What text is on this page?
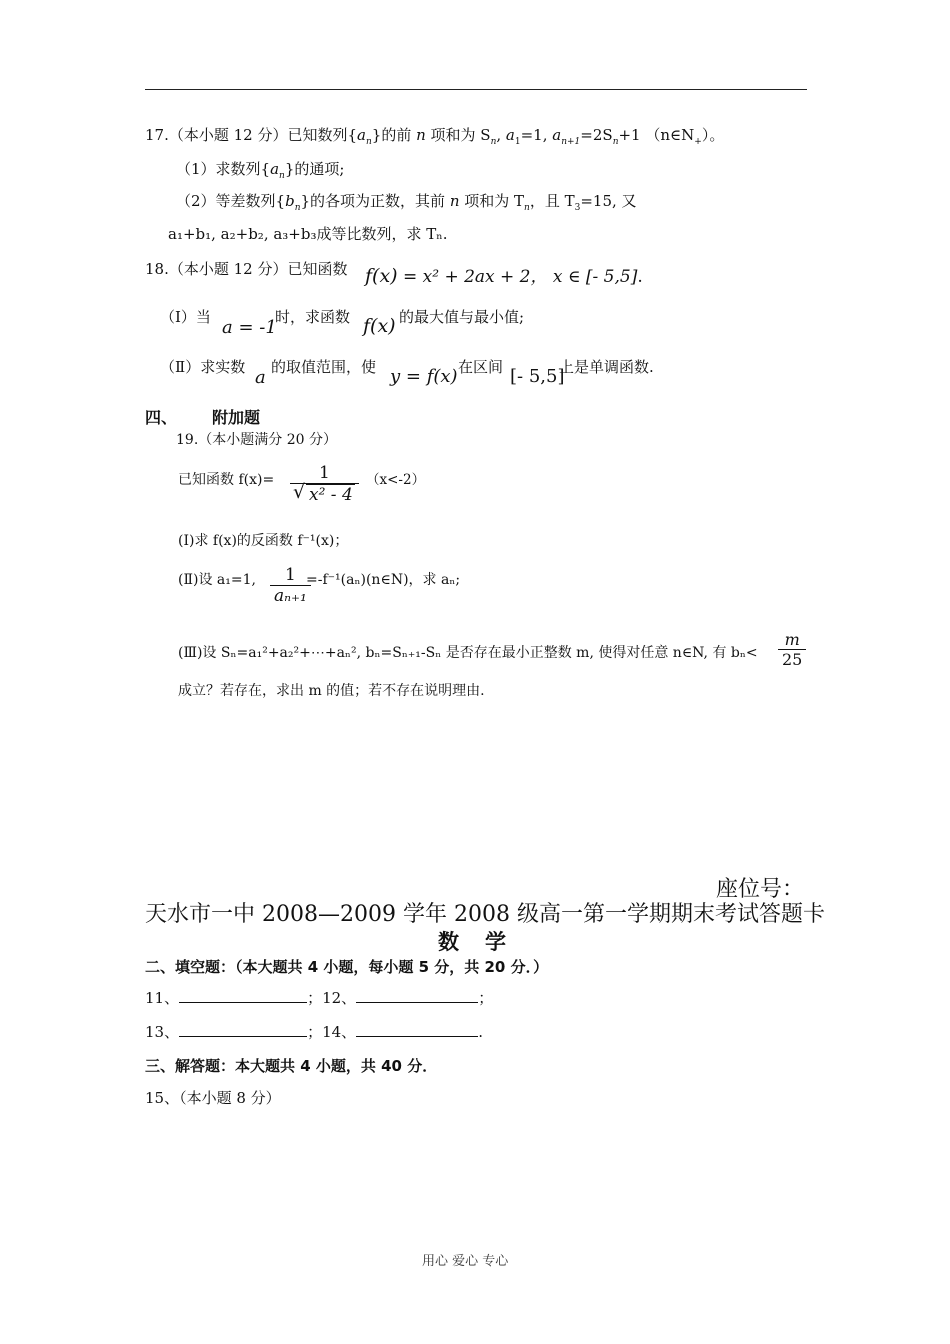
17.（本小题 12 分）已知数列$\{a_n\}$的前 n 项和为 $S_n$, $a_1=1$, $a_{n+1}=2S_n+1$ $(n\in N_+)$。
（1）求数列$\{a_n\}$的通项;
（2）等差数列$\{b_n\}$的各项为正数，其前 n 项和为 $T_n$，且 $T_3=15$, 又
a₁+b₁, a₂+b₂, a₃+b₃成等比数列，求 Tₙ.
18.（本小题 12 分）已知函数 f(x) = x² + 2ax + 2， x ∈ [- 5,5].
（Ⅰ）当 a = -1
时，求函数 f(x) 的最大值与最小值;
（Ⅱ）求实数 a 的取值范围，使 y = f(x) 在区间 [- 5,5]
上是单调函数.
四、 附加题
19.（本小题满分 20 分）
已知函数 f(x)= 1
√ x² - 4 （x<-2）
(Ⅰ)求 f(x)的反函数 f⁻¹(x)；
(Ⅱ)设 a₁=1, $\frac{1}{\text{aₙ₊₁}}$
=-f⁻¹(aₙ)(n∈N)，求 aₙ;
(Ⅲ)设 Sₙ=a₁²+a₂²+⋯+aₙ², bₙ=Sₙ₊₁-Sₙ 是否存在最小正整数 m, 使得对任意 n∈N, 有 $b_n< \frac{m}{25}$
成立？若存在，求出 m 的值；若不存在说明理由.
座位号：
天水市一中 2008—2009 学年 2008 级高一第一学期期末考试答题卡
数学
二、填空题：（本大题共 4 小题，每小题 5 分，共 20 分．）
11、	；12、	；
13、	；14、	.
三、解答题：本大题共 4 小题，共 40 分．
15、（本小题 8 分）
用心 爱心 专心
